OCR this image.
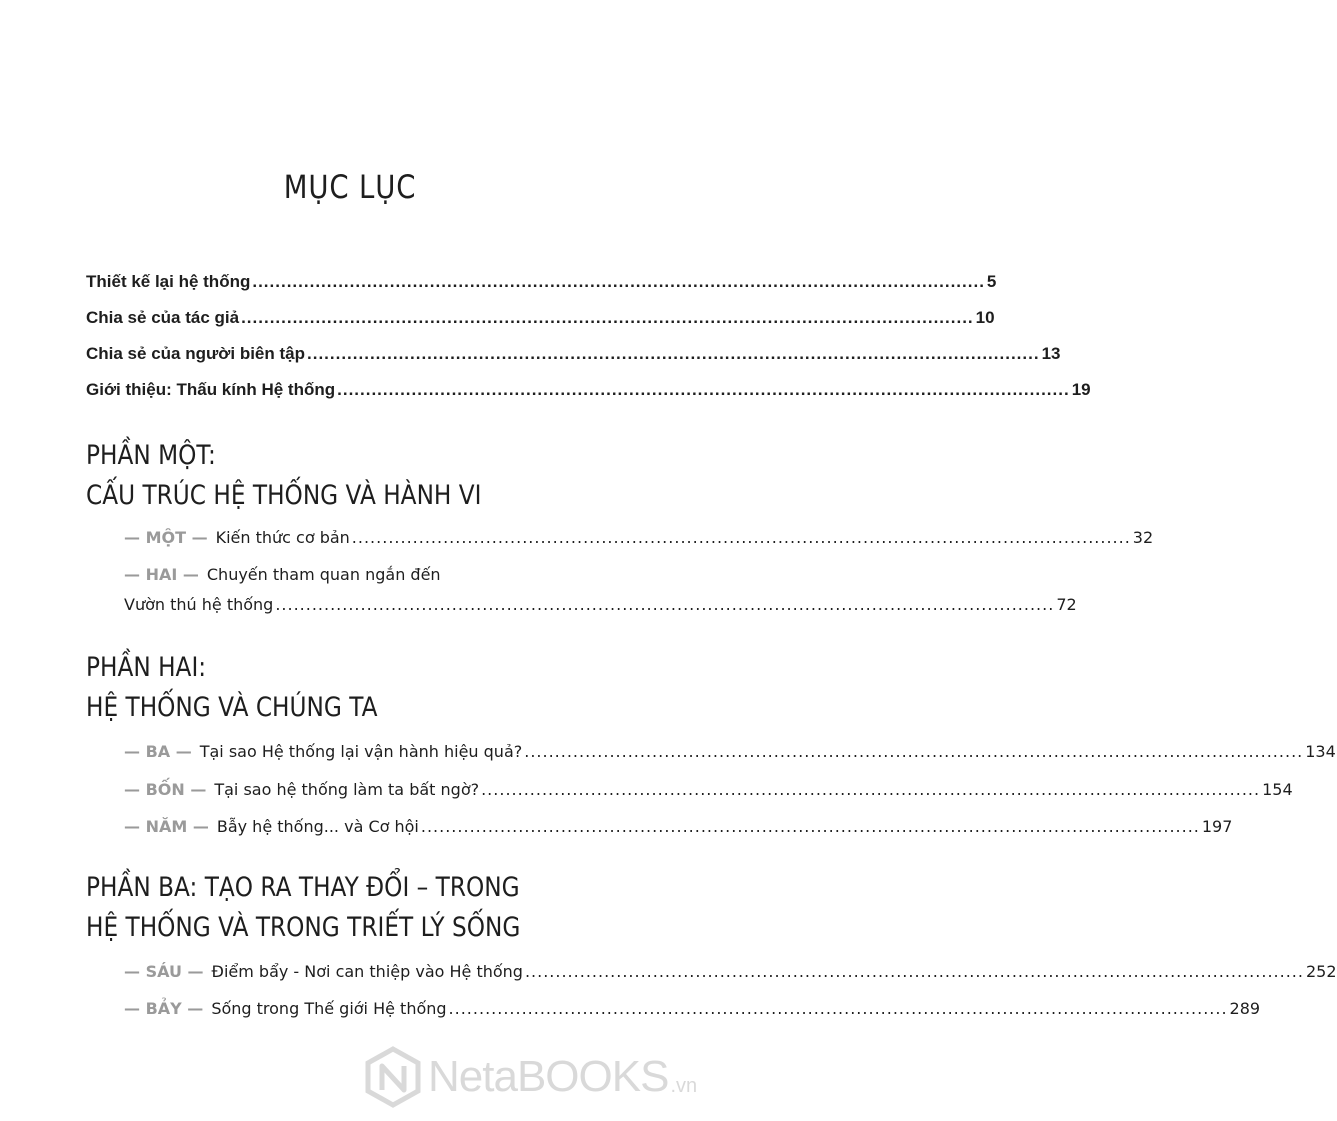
MỤC LỤC
Thiết kế lại hệ thống ................................................................................................................................ 5
Chia sẻ của tác giả ................................................................................................................................ 10
Chia sẻ của người biên tập ................................................................................................................................ 13
Giới thiệu: Thấu kính Hệ thống ................................................................................................................................ 19
PHẦN MỘT:
CẤU TRÚC HỆ THỐNG VÀ HÀNH VI
— MỘT — Kiến thức cơ bản ................................................................................................................................ 32
— HAI — Chuyến tham quan ngắn đến
Vườn thú hệ thống ................................................................................................................................ 72
PHẦN HAI:
HỆ THỐNG VÀ CHÚNG TA
— BA — Tại sao Hệ thống lại vận hành hiệu quả? ................................................................................................................................ 134
— BỐN — Tại sao hệ thống làm ta bất ngờ? ................................................................................................................................ 154
— NĂM — Bẫy hệ thống... và Cơ hội ................................................................................................................................ 197
PHẦN BA: TẠO RA THAY ĐỔI – TRONG
HỆ THỐNG VÀ TRONG TRIẾT LÝ SỐNG
— SÁU — Điểm bẩy - Nơi can thiệp vào Hệ thống ................................................................................................................................ 252
— BẢY — Sống trong Thế giới Hệ thống ................................................................................................................................ 289
NetaBOOKS .vn
